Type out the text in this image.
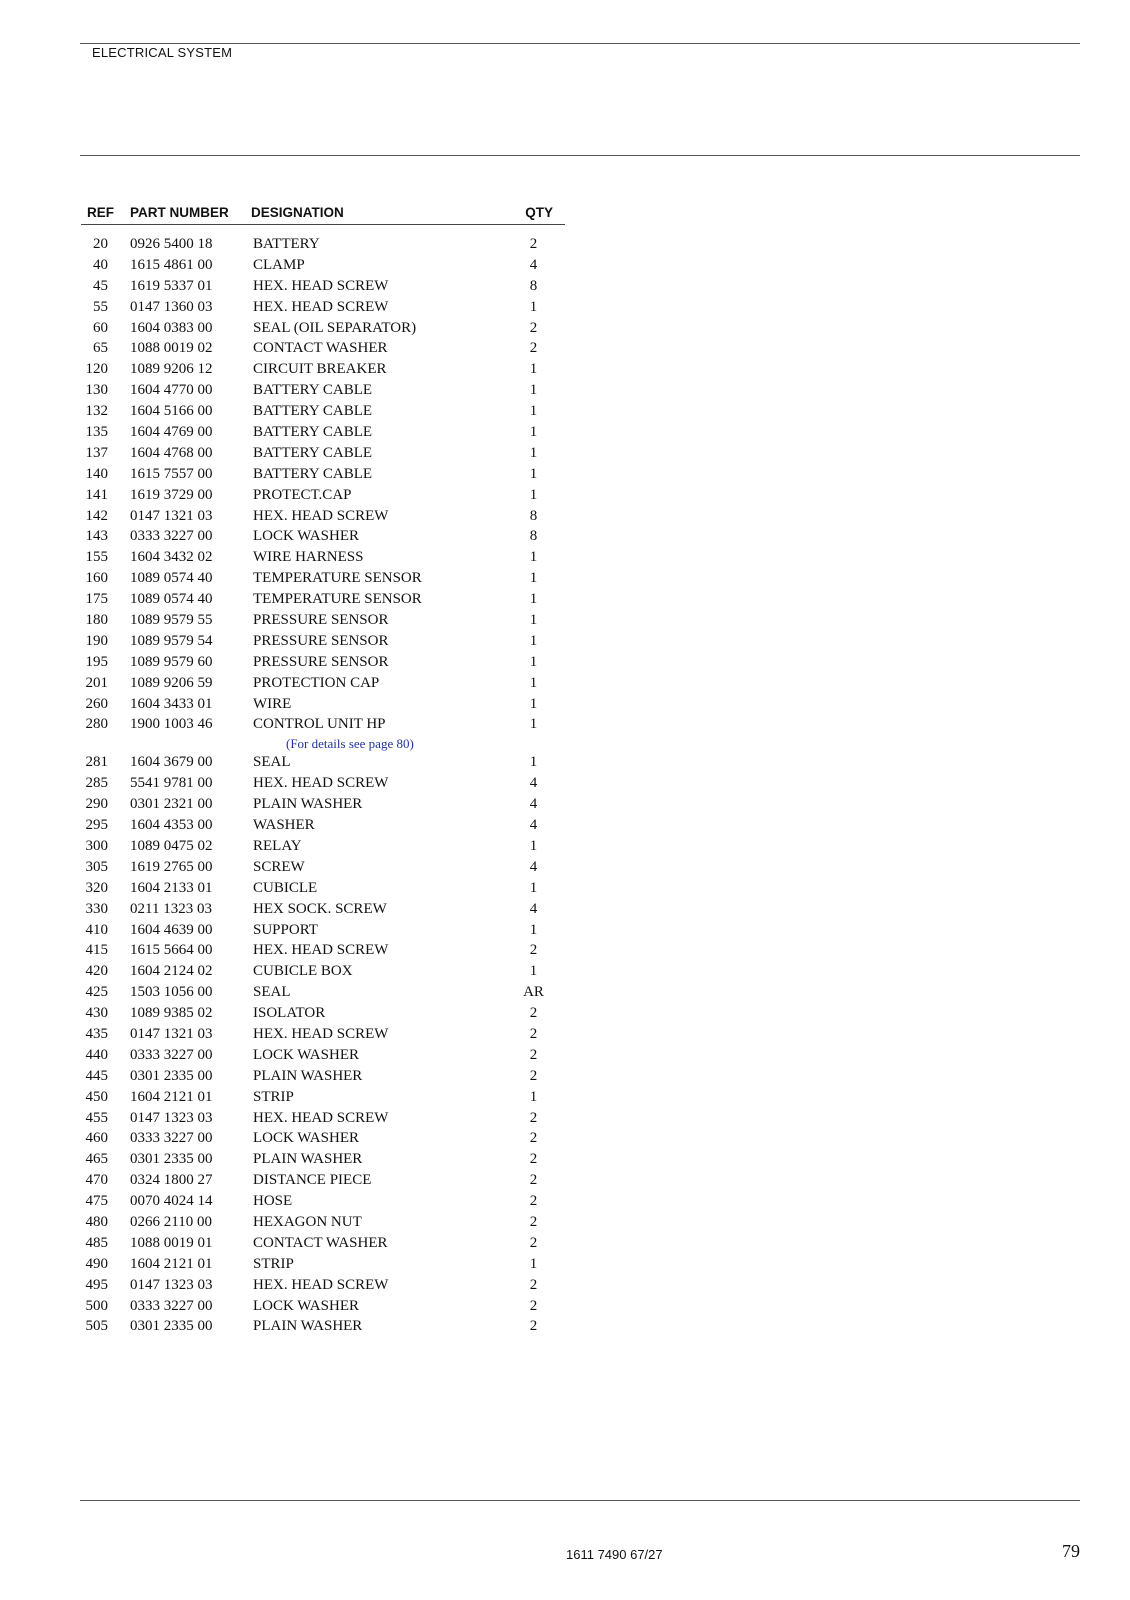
ELECTRICAL SYSTEM
REF PART NUMBER DESIGNATION	QTY
20 0926 5400 18	BATTERY	2
40 1615 4861 00	CLAMP	4
45 1619 5337 01	HEX. HEAD SCREW	8
55 0147 1360 03	HEX. HEAD SCREW	1
60 1604 0383 00	SEAL (OIL SEPARATOR)	2
65 1088 0019 02	CONTACT WASHER	2
120 1089 9206 12	CIRCUIT BREAKER	1
130 1604 4770 00	BATTERY CABLE	1
132 1604 5166 00	BATTERY CABLE	1
135 1604 4769 00	BATTERY CABLE	1
137 1604 4768 00	BATTERY CABLE	1
140 1615 7557 00	BATTERY CABLE	1
141 1619 3729 00	PROTECT.CAP	1
142 0147 1321 03	HEX. HEAD SCREW	8
143 0333 3227 00	LOCK WASHER	8
155 1604 3432 02	WIRE HARNESS	1
160 1089 0574 40	TEMPERATURE SENSOR	1
175 1089 0574 40	TEMPERATURE SENSOR	1
180 1089 9579 55	PRESSURE SENSOR	1
190 1089 9579 54	PRESSURE SENSOR	1
195 1089 9579 60	PRESSURE SENSOR	1
201 1089 9206 59	PROTECTION CAP	1
260 1604 3433 01	WIRE	1
280 1900 1003 46	CONTROL UNIT HP	1
(For details see page 80)
281 1604 3679 00	SEAL	1
285 5541 9781 00	HEX. HEAD SCREW	4
290 0301 2321 00	PLAIN WASHER	4
295 1604 4353 00	WASHER	4
300 1089 0475 02	RELAY	1
305 1619 2765 00	SCREW	4
320 1604 2133 01	CUBICLE	1
330 0211 1323 03	HEX SOCK. SCREW	4
410 1604 4639 00	SUPPORT	1
415 1615 5664 00	HEX. HEAD SCREW	2
420 1604 2124 02	CUBICLE BOX	1
425 1503 1056 00	SEAL	AR
430 1089 9385 02	ISOLATOR	2
435 0147 1321 03	HEX. HEAD SCREW	2
440 0333 3227 00	LOCK WASHER	2
445 0301 2335 00	PLAIN WASHER	2
450 1604 2121 01	STRIP	1
455 0147 1323 03	HEX. HEAD SCREW	2
460 0333 3227 00	LOCK WASHER	2
465 0301 2335 00	PLAIN WASHER	2
470 0324 1800 27	DISTANCE PIECE	2
475 0070 4024 14	HOSE	2
480 0266 2110 00	HEXAGON NUT	2
485 1088 0019 01	CONTACT WASHER	2
490 1604 2121 01	STRIP	1
495 0147 1323 03	HEX. HEAD SCREW	2
500 0333 3227 00	LOCK WASHER	2
505 0301 2335 00	PLAIN WASHER	2
1611 7490 67/27	79
